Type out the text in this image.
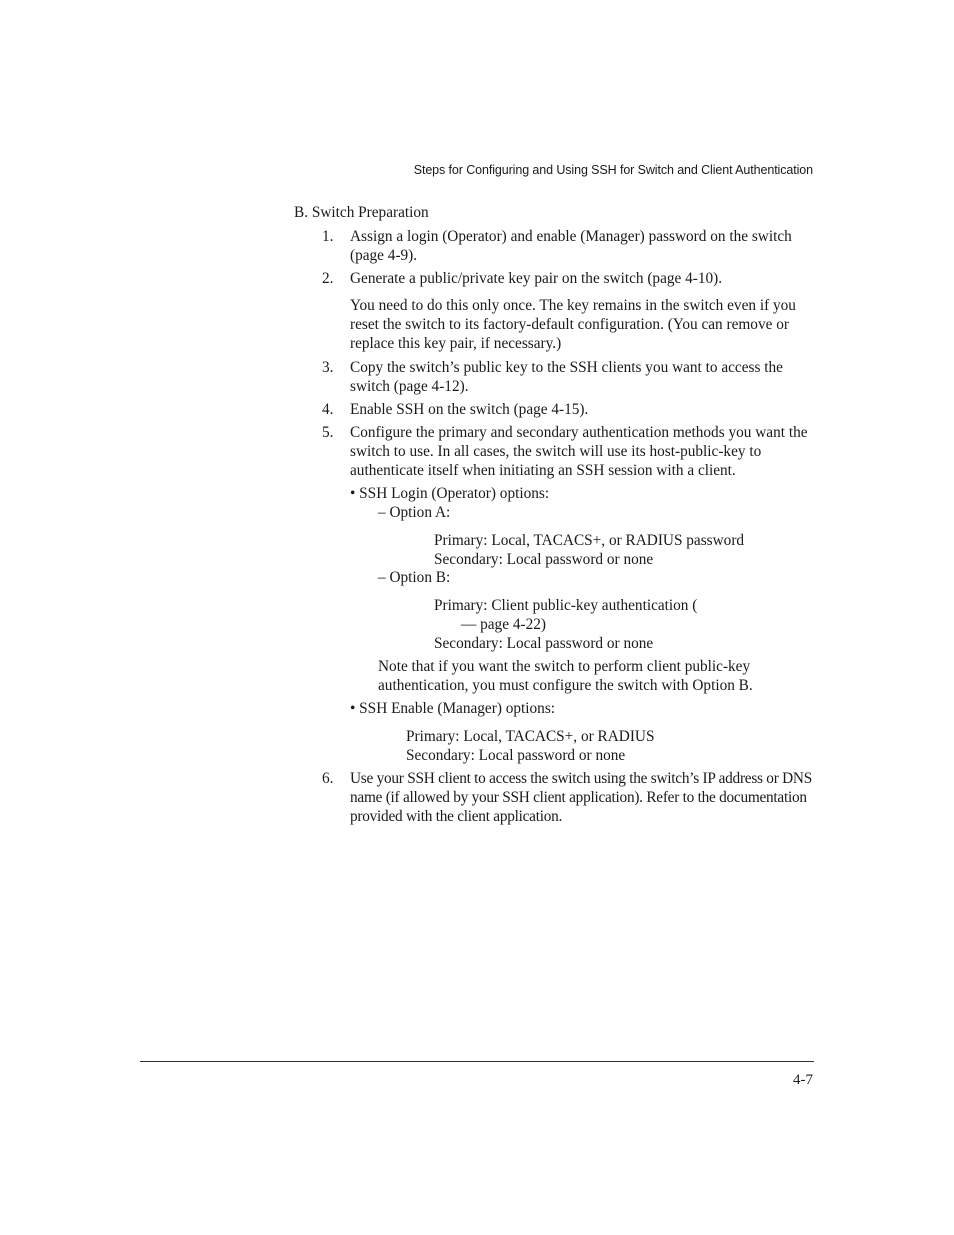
Steps for Configuring and Using SSH for Switch and Client Authentication
B. Switch Preparation
1. Assign a login (Operator) and enable (Manager) password on the switch (page 4-9).
2. Generate a public/private key pair on the switch (page 4-10).
You need to do this only once. The key remains in the switch even if you reset the switch to its factory-default configuration. (You can remove or replace this key pair, if necessary.)
3. Copy the switch’s public key to the SSH clients you want to access the switch (page 4-12).
4. Enable SSH on the switch (page 4-15).
5. Configure the primary and secondary authentication methods you want the switch to use. In all cases, the switch will use its host-public-key to authenticate itself when initiating an SSH session with a client.
• SSH Login (Operator) options:
– Option A:
Primary: Local, TACACS+, or RADIUS password
Secondary: Local password or none
– Option B:
Primary: Client public-key authentication (
— page 4-22)
Secondary: Local password or none
Note that if you want the switch to perform client public-key authentication, you must configure the switch with Option B.
• SSH Enable (Manager) options:
Primary: Local, TACACS+, or RADIUS
Secondary: Local password or none
6. Use your SSH client to access the switch using the switch’s IP address or DNS name (if allowed by your SSH client application). Refer to the documentation provided with the client application.
4-7
